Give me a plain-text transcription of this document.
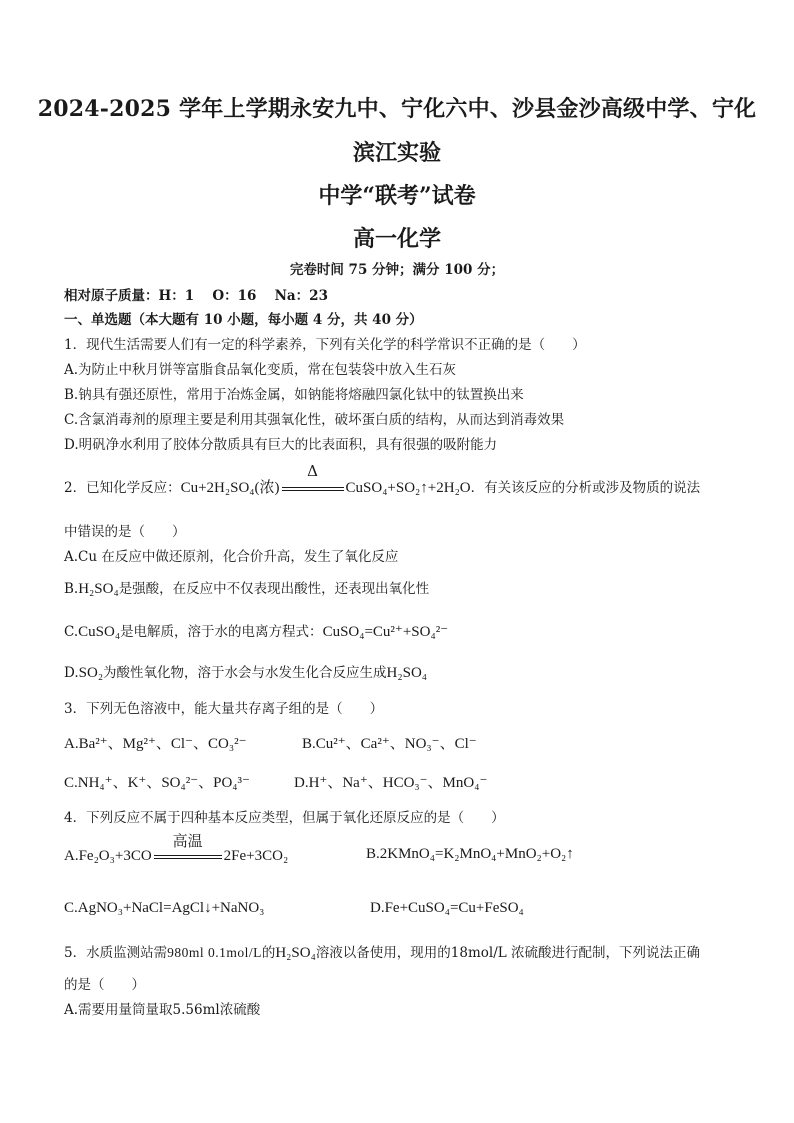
2024-2025 学年上学期永安九中、宁化六中、沙县金沙高级中学、宁化
滨江实验
中学“联考”试卷
高一化学
完卷时间 75 分钟；满分 100 分；
相对原子质量：H：1　 O：16　 Na：23
一、单选题（本大题有 10 小题，每小题 4 分，共 40 分）
1．现代生活需要人们有一定的科学素养，下列有关化学的科学常识不正确的是（　　）
A.为防止中秋月饼等富脂食品氧化变质，常在包装袋中放入生石灰
B.钠具有强还原性，常用于冶炼金属，如钠能将熔融四氯化钛中的钛置换出来
C.含氯消毒剂的原理主要是利用其强氧化性，破坏蛋白质的结构，从而达到消毒效果
D.明矾净水利用了胶体分散质具有巨大的比表面积，具有很强的吸附能力
2．已知化学反应：Cu+2H₂SO₄(浓)
Δ
CuSO₄+SO₂↑+2H₂O．有关该反应的分析或涉及物质的说法
中错误的是（　　）
A.Cu 在反应中做还原剂，化合价升高，发生了氧化反应
B.H₂SO₄是强酸，在反应中不仅表现出酸性，还表现出氧化性
C.CuSO₄是电解质，溶于水的电离方程式：CuSO₄=Cu²⁺+SO₄²⁻
D.SO₂为酸性氧化物，溶于水会与水发生化合反应生成H₂SO₄
3．下列无色溶液中，能大量共存离子组的是（　　）
A.Ba²⁺、Mg²⁺、Cl⁻、CO₃²⁻	B.Cu²⁺、Ca²⁺、NO₃⁻、Cl⁻
C.NH₄⁺、K⁺、SO₄²⁻、PO₄³⁻	D.H⁺、Na⁺、HCO₃⁻、MnO₄⁻
4．下列反应不属于四种基本反应类型，但属于氧化还原反应的是（　　）
A.Fe₂O₃+3CO
高温
2Fe+3CO₂	B.2KMnO₄=K₂MnO₄+MnO₂+O₂↑
C.AgNO₃+NaCl=AgCl↓+NaNO₃	D.Fe+CuSO₄=Cu+FeSO₄
5．水质监测站需980ml 0.1mol/L的H₂SO₄溶液以备使用，现用的18mol/L 浓硫酸进行配制，下列说法正确
的是（　　）
A.需要用量筒量取5.56ml浓硫酸
